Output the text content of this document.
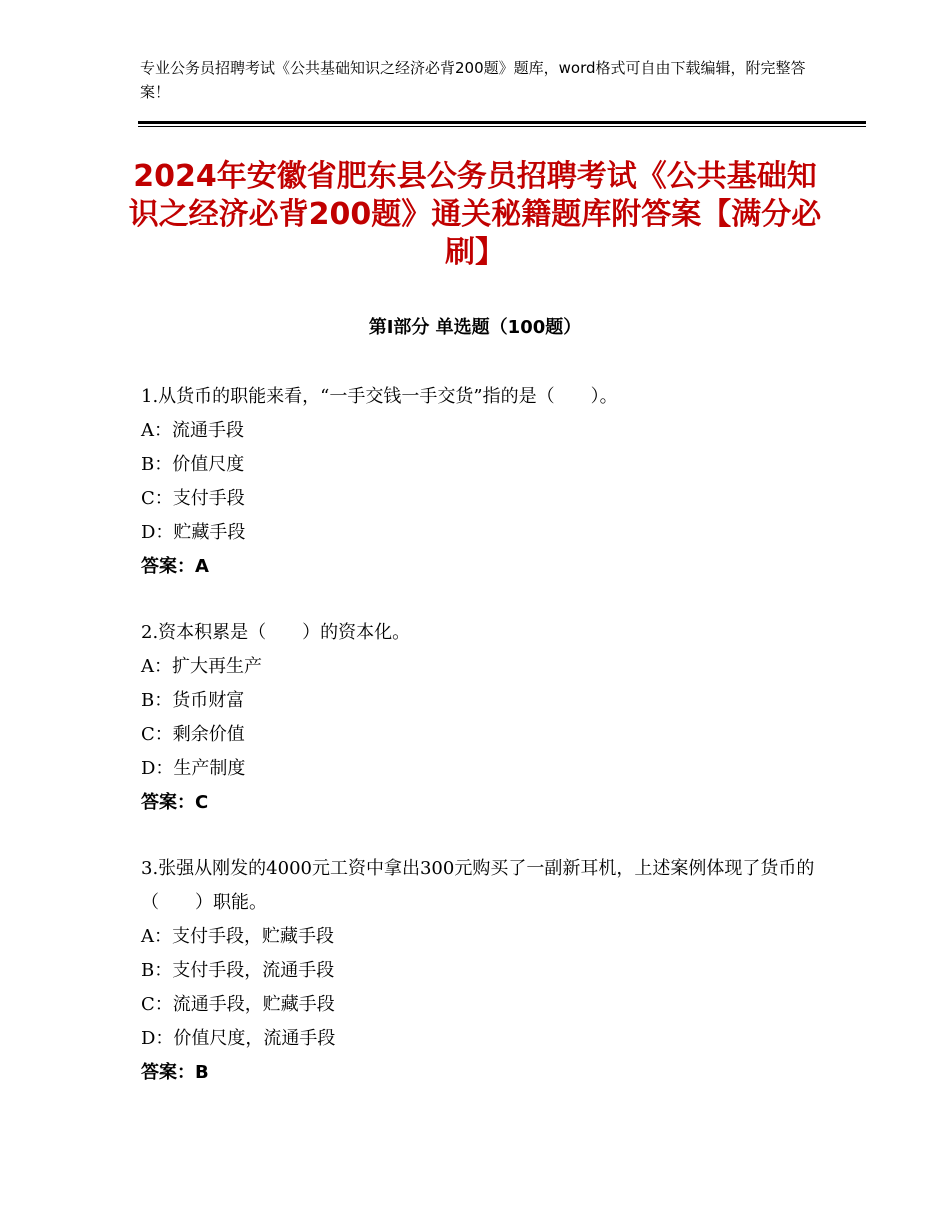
专业公务员招聘考试《公共基础知识之经济必背200题》题库，word格式可自由下载编辑，附完整答案！
2024年安徽省肥东县公务员招聘考试《公共基础知识之经济必背200题》通关秘籍题库附答案【满分必刷】
第Ⅰ部分 单选题（100题）

1.从货币的职能来看，“一手交钱一手交货”指的是（　　）。

A：流通手段

B：价值尺度

C：支付手段

D：贮藏手段

答案：A

2.资本积累是（　　）的资本化。

A：扩大再生产

B：货币财富

C：剩余价值

D：生产制度

答案：C

3.张强从刚发的4000元工资中拿出300元购买了一副新耳机，上述案例体现了货币的（　　）职能。

A：支付手段，贮藏手段

B：支付手段，流通手段

C：流通手段，贮藏手段

D：价值尺度，流通手段

答案：B
